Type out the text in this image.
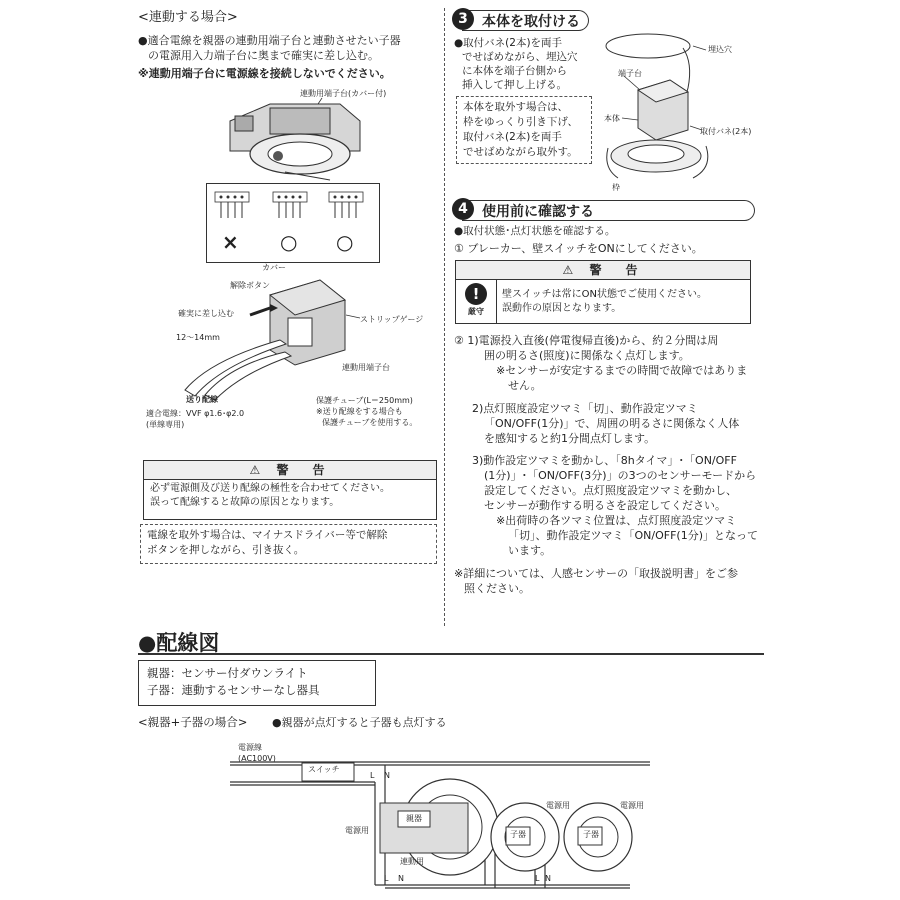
<連動する場合>
●適合電線を親器の連動用端子台と連動させたい子器
の電源用入力端子台に奥まで確実に差し込む。
※連動用端子台に電源線を接続しないでください。
連動用端子台(カバー付)
× ○ ○
カバー
解除ボタン
確実に差し込む
12～14mm
ストリップゲージ
連動用端子台
送り配線
適合電線：VVF φ1.6･φ2.0
(単線専用)
保護チューブ(L＝250mm)
※送り配線をする場合も
保護チューブを使用する。
⚠ 警　告
必ず電源側及び送り配線の極性を合わせてください。
誤って配線すると故障の原因となります。
電線を取外す場合は、マイナスドライバー等で解除
ボタンを押しながら、引き抜く。
3	本体を取付ける
●取付バネ(2本)を両手
でせばめながら、埋込穴
に本体を端子台側から
挿入して押し上げる。
本体を取外す場合は、
枠をゆっくり引き下げ、
取付バネ(2本)を両手
でせばめながら取外す。
埋込穴
端子台
本体
取付バネ(2本)
枠
4	使用前に確認する
●取付状態･点灯状態を確認する。
① ブレーカー、壁スイッチをONにしてください。
⚠ 警　告
!
厳守
壁スイッチは常にON状態でご使用ください。
誤動作の原因となります。
② 1)電源投入直後(停電復帰直後)から、約２分間は周
囲の明るさ(照度)に関係なく点灯します。
※センサーが安定するまでの時間で故障ではありま
せん。
2)点灯照度設定ツマミ「切」、動作設定ツマミ
「ON/OFF(1分)」で、周囲の明るさに関係なく人体
を感知すると約1分間点灯します。
3)動作設定ツマミを動かし、「8hタイマ」･「ON/OFF
(1分)」･「ON/OFF(3分)」の3つのセンサーモードから
設定してください。点灯照度設定ツマミを動かし、
センサーが動作する明るさを設定してください。
※出荷時の各ツマミ位置は、点灯照度設定ツマミ
「切」、動作設定ツマミ「ON/OFF(1分)」となって
います。
※詳細については、人感センサーの「取扱説明書」をご参
照ください。
●配線図
親器：センサー付ダウンライト
子器：連動するセンサーなし器具
<親器+子器の場合> ●親器が点灯すると子器も点灯する
電源線
(AC100V)
スイッチ
L N
親器
電源用
連動用
子器	子器
電源用	電源用
L N	L N
